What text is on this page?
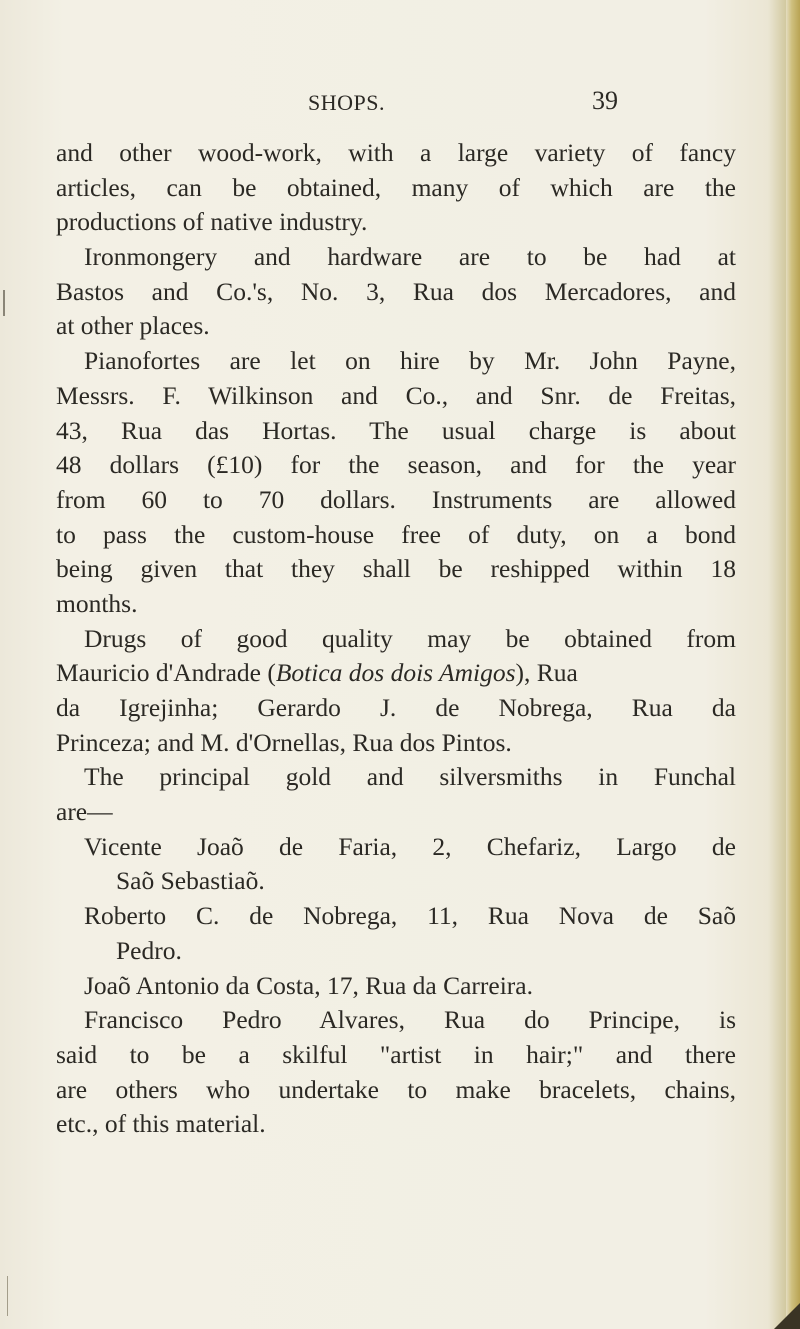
SHOPS.	39
and other wood-work, with a large variety of fancy
articles, can be obtained, many of which are the
productions of native industry.
Ironmongery and hardware are to be had at
Bastos and Co.'s, No. 3, Rua dos Mercadores, and
at other places.
Pianofortes are let on hire by Mr. John Payne,
Messrs. F. Wilkinson and Co., and Snr. de Freitas,
43, Rua das Hortas. The usual charge is about
48 dollars (£10) for the season, and for the year
from 60 to 70 dollars. Instruments are allowed
to pass the custom-house free of duty, on a bond
being given that they shall be reshipped within 18
months.
Drugs of good quality may be obtained from
Mauricio d'Andrade (Botica dos dois Amigos), Rua
da Igrejinha; Gerardo J. de Nobrega, Rua da
Princeza; and M. d'Ornellas, Rua dos Pintos.
The principal gold and silversmiths in Funchal
are—
Vicente Joaõ de Faria, 2, Chefariz, Largo de
Saõ Sebastiaõ.
Roberto C. de Nobrega, 11, Rua Nova de Saõ
Pedro.
Joaõ Antonio da Costa, 17, Rua da Carreira.
Francisco Pedro Alvares, Rua do Principe, is
said to be a skilful "artist in hair;" and there
are others who undertake to make bracelets, chains,
etc., of this material.
